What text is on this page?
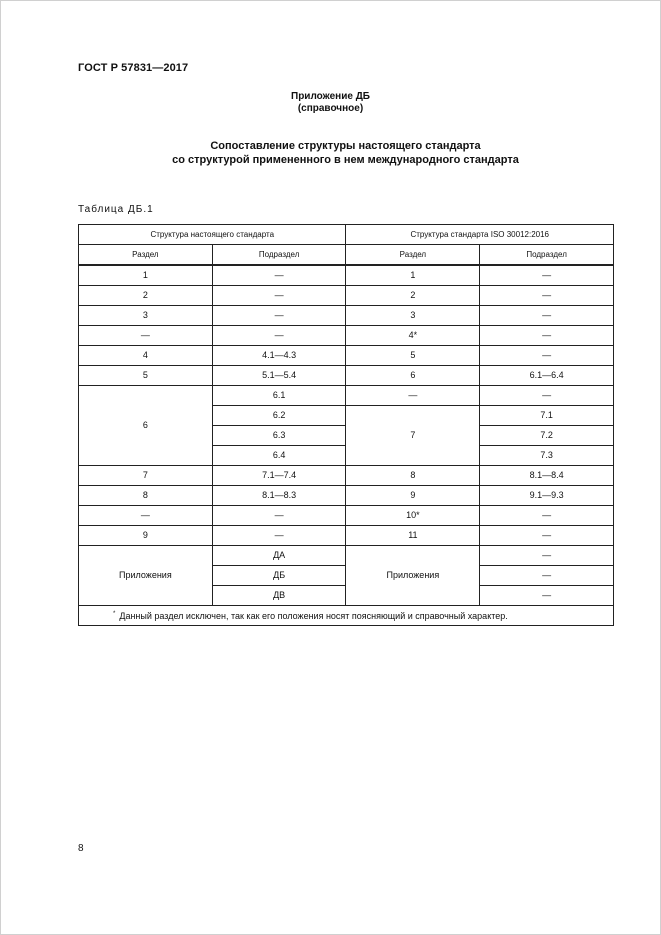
ГОСТ Р 57831—2017
Приложение ДБ
(справочное)
Сопоставление структуры настоящего стандарта
со структурой примененного в нем международного стандарта
Таблица ДБ.1
Структура настоящего стандарта		Структура стандарта ISO 30012:2016	
Раздел	Подраздел	Раздел	Подраздел
1	—	1	—
2	—	2	—
3	—	3	—
—	—	4*	—
4	4.1—4.3	5	—
5	5.1—5.4	6	6.1—6.4
6	6.1	—	—
	6.2	7	7.1
	6.3		7.2
	6.4		7.3
7	7.1—7.4	8	8.1—8.4
8	8.1—8.3	9	9.1—9.3
—	—	10*	—
9	—	11	—
Приложения	ДА	Приложения	—
	ДБ		—
	ДВ		—
* Данный раздел исключен, так как его положения носят поясняющий и справочный характер.			
8
